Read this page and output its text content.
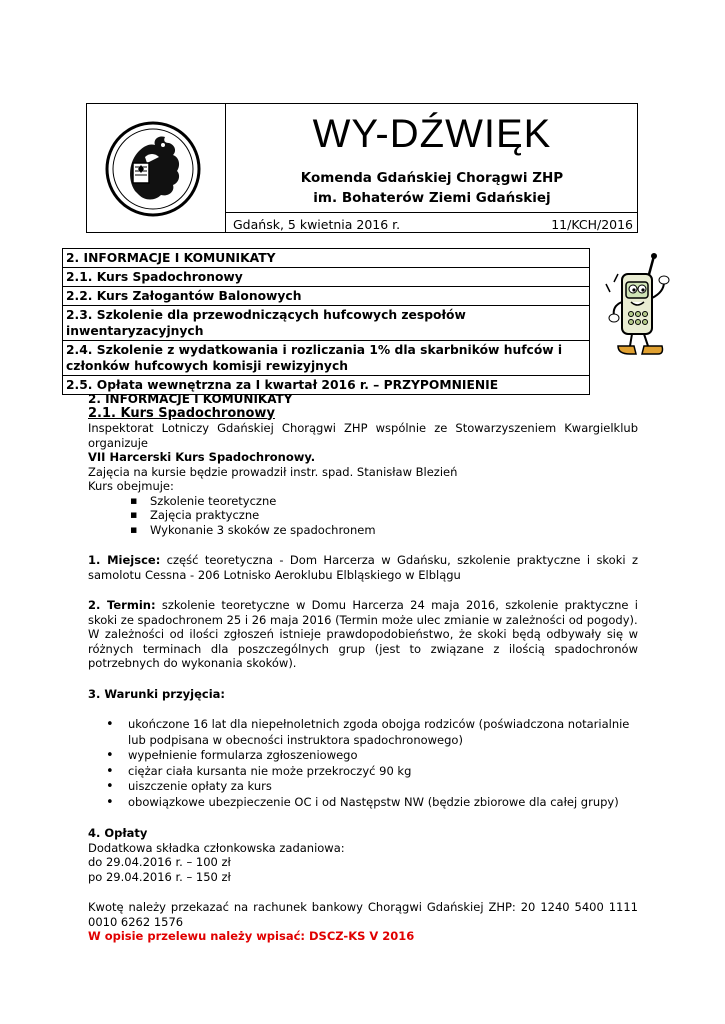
WY-DŹWIĘK
Komenda Gdańskiej Chorągwi ZHP
im. Bohaterów Ziemi Gdańskiej
Gdańsk, 5 kwietnia 2016 r.	11/KCH/2016
2. INFORMACJE I KOMUNIKATY
2.1. Kurs Spadochronowy
2.2. Kurs Załogantów Balonowych
2.3. Szkolenie dla przewodniczących hufcowych zespołów inwentaryzacyjnych
2.4. Szkolenie z wydatkowania i rozliczania 1% dla skarbników hufców i członków hufcowych komisji rewizyjnych
2.5. Opłata wewnętrzna za I kwartał 2016 r. – PRZYPOMNIENIE

2. INFORMACJE I KOMUNIKATY

2.1. Kurs Spadochronowy

Inspektorat Lotniczy Gdańskiej Chorągwi ZHP wspólnie ze Stowarzyszeniem Kwargielklub organizuje

VII Harcerski Kurs Spadochronowy.

Zajęcia na kursie będzie prowadził instr. spad. Stanisław Blezień

Kurs obejmuje:

▪ Szkolenie teoretyczne
▪ Zajęcia praktyczne
▪ Wykonanie 3 skoków ze spadochronem

1. Miejsce: część teoretyczna - Dom Harcerza w Gdańsku, szkolenie praktyczne i skoki z samolotu Cessna - 206 Lotnisko Aeroklubu Elbląskiego w Elblągu

2. Termin: szkolenie teoretyczne w Domu Harcerza 24 maja 2016, szkolenie praktyczne i skoki ze spadochronem 25 i 26 maja 2016 (Termin może ulec zmianie w zależności od pogody).

W zależności od ilości zgłoszeń istnieje prawdopodobieństwo, że skoki będą odbywały się w różnych terminach dla poszczególnych grup (jest to związane z ilością spadochronów potrzebnych do wykonania skoków).

3. Warunki przyjęcia:

• ukończone 16 lat dla niepełnoletnich zgoda obojga rodziców (poświadczona notarialnie lub podpisana w obecności instruktora spadochronowego)
• wypełnienie formularza zgłoszeniowego
• ciężar ciała kursanta nie może przekroczyć 90 kg
• uiszczenie opłaty za kurs
• obowiązkowe ubezpieczenie OC i od Następstw NW (będzie zbiorowe dla całej grupy)

4. Opłaty

Dodatkowa składka członkowska zadaniowa:

do 29.04.2016 r. – 100 zł

po 29.04.2016 r. – 150 zł

Kwotę należy przekazać na rachunek bankowy Chorągwi Gdańskiej ZHP: 20 1240 5400 1111 0010 6262 1576

W opisie przelewu należy wpisać: DSCZ-KS V 2016
